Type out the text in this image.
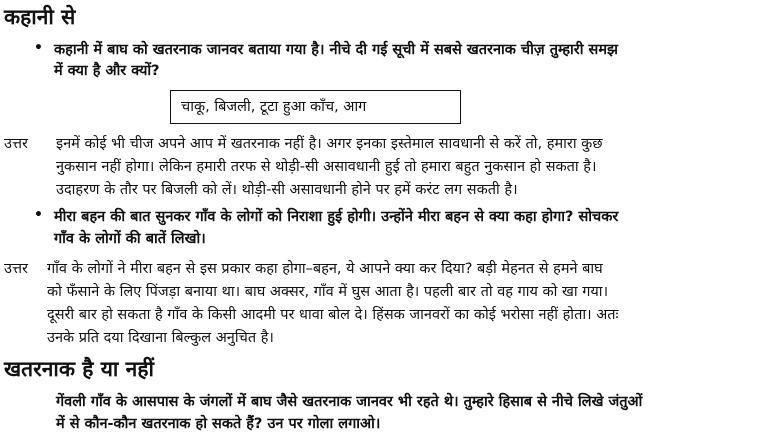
कहानी से
• कहानी में बाघ को खतरनाक जानवर बताया गया है। नीचे दी गई सूची में सबसे खतरनाक चीज़ तुम्हारी समझ
में क्या है और क्यों?
चाकू, बिजली, टूटा हुआ काँच, आग
उत्तर इनमें कोई भी चीज अपने आप में खतरनाक नहीं है। अगर इनका इस्तेमाल सावधानी से करें तो, हमारा कुछ
नुकसान नहीं होगा। लेकिन हमारी तरफ से थोड़ी-सी असावधानी हुई तो हमारा बहुत नुकसान हो सकता है।
उदाहरण के तौर पर बिजली को लें। थोड़ी-सी असावधानी होने पर हमें करंट लग सकती है।
• मीरा बहन की बात सुनकर गाँव के लोगों को निराशा हुई होगी। उन्होंने मीरा बहन से क्या कहा होगा? सोचकर
गाँव के लोगों की बातें लिखो।
उत्तर गाँव के लोगों ने मीरा बहन से इस प्रकार कहा होगा–बहन, ये आपने क्या कर दिया? बड़ी मेहनत से हमने बाघ
को फँसाने के लिए पिंजड़ा बनाया था। बाघ अक्सर, गाँव में घुस आता है। पहली बार तो वह गाय को खा गया।
दूसरी बार हो सकता है गाँव के किसी आदमी पर धावा बोल दे। हिंसक जानवरों का कोई भरोसा नहीं होता। अतः
उनके प्रति दया दिखाना बिल्कुल अनुचित है।
खतरनाक है या नहीं
गेंवली गाँव के आसपास के जंगलों में बाघ जैसे खतरनाक जानवर भी रहते थे। तुम्हारे हिसाब से नीचे लिखे जंतुओं
में से कौन-कौन खतरनाक हो सकते हैं? उन पर गोला लगाओ।
